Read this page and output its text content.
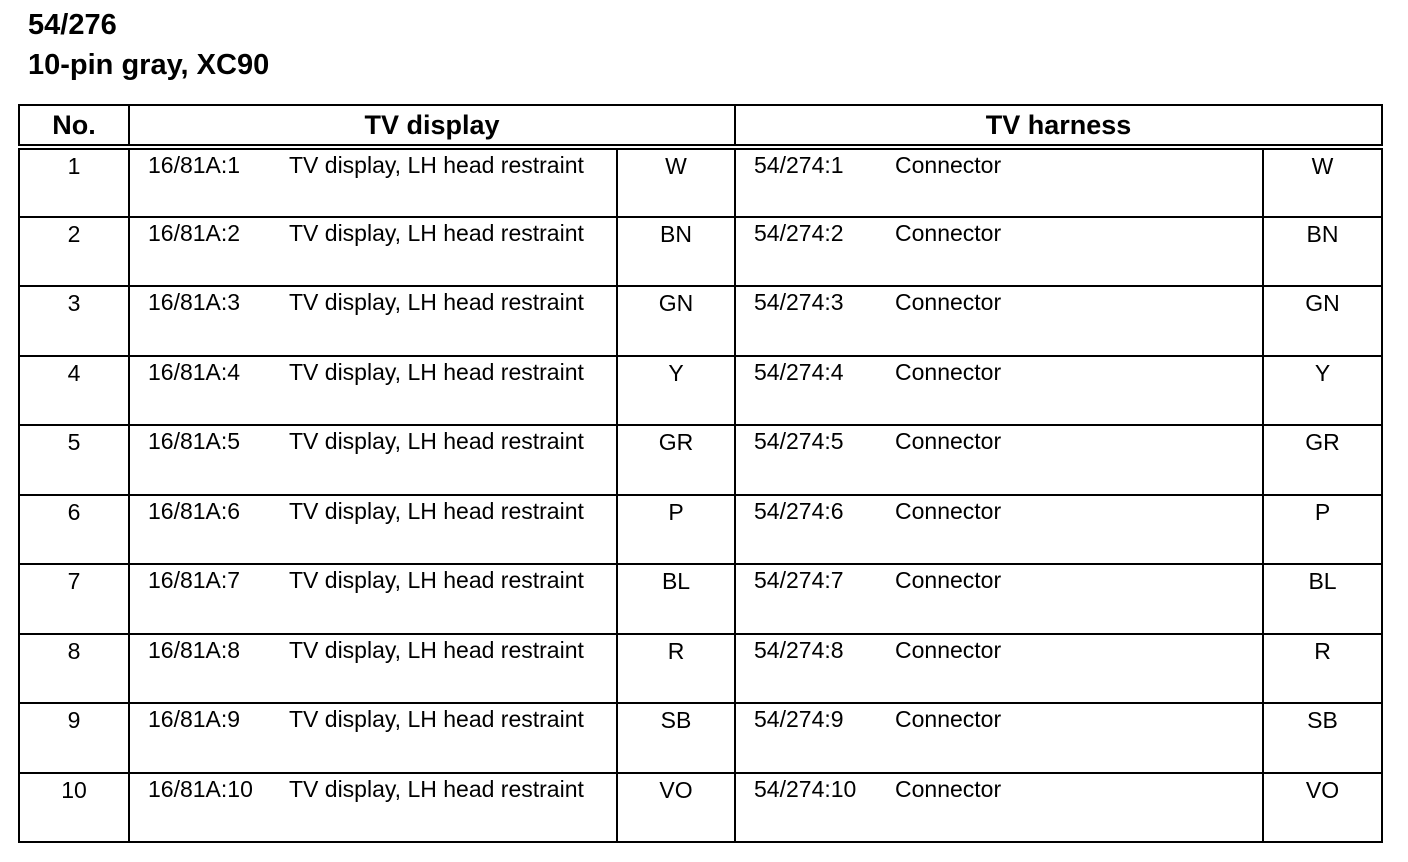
54/276
10-pin gray, XC90
No.	TV display		TV harness	

1	16/81A:1 TV display, LH head restraint	W	54/274:1 Connector	W

2	16/81A:2 TV display, LH head restraint	BN	54/274:2 Connector	BN

3	16/81A:3 TV display, LH head restraint	GN	54/274:3 Connector	GN

4	16/81A:4 TV display, LH head restraint	Y	54/274:4 Connector	Y

5	16/81A:5 TV display, LH head restraint	GR	54/274:5 Connector	GR

6	16/81A:6 TV display, LH head restraint	P	54/274:6 Connector	P

7	16/81A:7 TV display, LH head restraint	BL	54/274:7 Connector	BL

8	16/81A:8 TV display, LH head restraint	R	54/274:8 Connector	R

9	16/81A:9 TV display, LH head restraint	SB	54/274:9 Connector	SB

10	16/81A:10 TV display, LH head restraint	VO	54/274:10 Connector	VO
